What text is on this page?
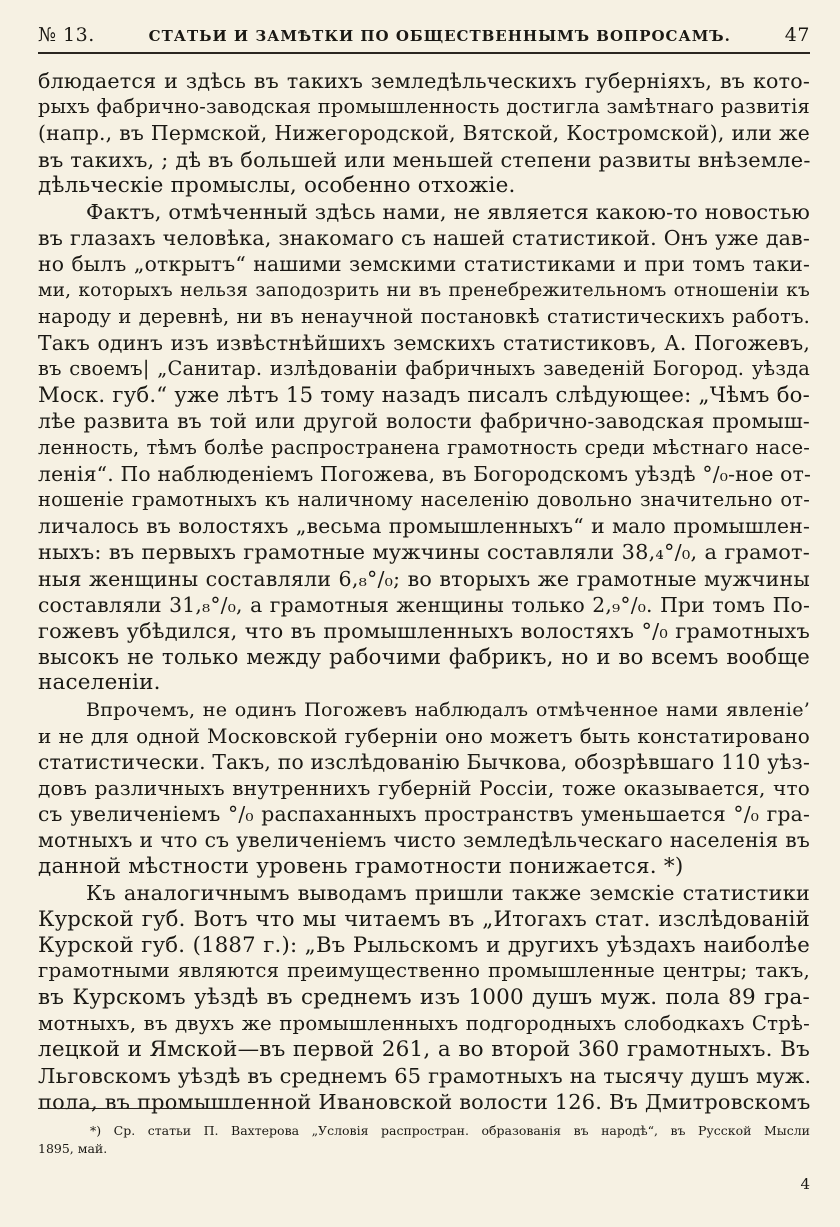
№ 13.	СТАТЬИ И ЗАМѢТКИ ПО ОБЩЕСТВЕННЫМЪ ВОПРОСАМЪ.	47
блюдается и здѣсь въ такихъ земледѣльческихъ губерніяхъ, въ кото-
рыхъ фабрично-заводская промышленность достигла замѣтнаго развитія
(напр., въ Пермской, Нижегородской, Вятской, Костромской), или же
въ такихъ, ; дѣ въ большей или меньшей степени развиты внѣземле-
дѣльческіе промыслы, особенно отхожіе.
Фактъ, отмѣченный здѣсь нами, не является какою-то новостью
въ глазахъ человѣка, знакомаго съ нашей статистикой. Онъ уже дав-
но былъ „открытъ“ нашими земскими статистиками и при томъ таки-
ми, которыхъ нельзя заподозрить ни въ пренебрежительномъ отношеніи къ
народу и деревнѣ, ни въ ненаучной постановкѣ статистическихъ работъ.
Такъ одинъ изъ извѣстнѣйшихъ земскихъ статистиковъ, А. Погожевъ,
въ своемъ| „Санитар. излѣдованіи фабричныхъ заведеній Богород. уѣзда
Моск. губ.“ уже лѣтъ 15 тому назадъ писалъ слѣдующее: „Чѣмъ бо-
лѣе развита въ той или другой волости фабрично-заводская промыш-
ленность, тѣмъ болѣе распространена грамотность среди мѣстнаго насе-
ленія“. По наблюденіемъ Погожева, въ Богородскомъ уѣздѣ °/₀-ное от-
ношеніе грамотныхъ къ наличному населенію довольно значительно от-
личалось въ волостяхъ „весьма промышленныхъ“ и мало промышлен-
ныхъ: въ первыхъ грамотные мужчины составляли 38,₄°/₀, а грамот-
ныя женщины составляли 6,₈°/₀; во вторыхъ же грамотные мужчины
составляли 31,₈°/₀, а грамотныя женщины только 2,₉°/₀. При томъ По-
гожевъ убѣдился, что въ промышленныхъ волостяхъ °/₀ грамотныхъ
высокъ не только между рабочими фабрикъ, но и во всемъ вообще
населеніи.
Впрочемъ, не одинъ Погожевъ наблюдалъ отмѣченное нами явленіе’
и не для одной Московской губерніи оно можетъ быть констатировано
статистически. Такъ, по изслѣдованію Бычкова, обозрѣвшаго 110 уѣз-
довъ различныхъ внутреннихъ губерній Россіи, тоже оказывается, что
съ увеличеніемъ °/₀ распаханныхъ пространствъ уменьшается °/₀ гра-
мотныхъ и что съ увеличеніемъ чисто земледѣльческаго населенія въ
данной мѣстности уровень грамотности понижается. *)
Къ аналогичнымъ выводамъ пришли также земскіе статистики
Курской губ. Вотъ что мы читаемъ въ „Итогахъ стат. изслѣдованій
Курской губ. (1887 г.): „Въ Рыльскомъ и другихъ уѣздахъ наиболѣе
грамотными являются преимущественно промышленные центры; такъ,
въ Курскомъ уѣздѣ въ среднемъ изъ 1000 душъ муж. пола 89 гра-
мотныхъ, въ двухъ же промышленныхъ подгородныхъ слободкахъ Стрѣ-
лецкой и Ямской—въ первой 261, а во второй 360 грамотныхъ. Въ
Льговскомъ уѣздѣ въ среднемъ 65 грамотныхъ на тысячу душъ муж.
пола, въ промышленной Ивановской волости 126. Въ Дмитровскомъ
*) Ср. статьи П. Вахтерова „Условія распростран. образованія въ народѣ“, въ Русской Мысли
1895, май.
4
